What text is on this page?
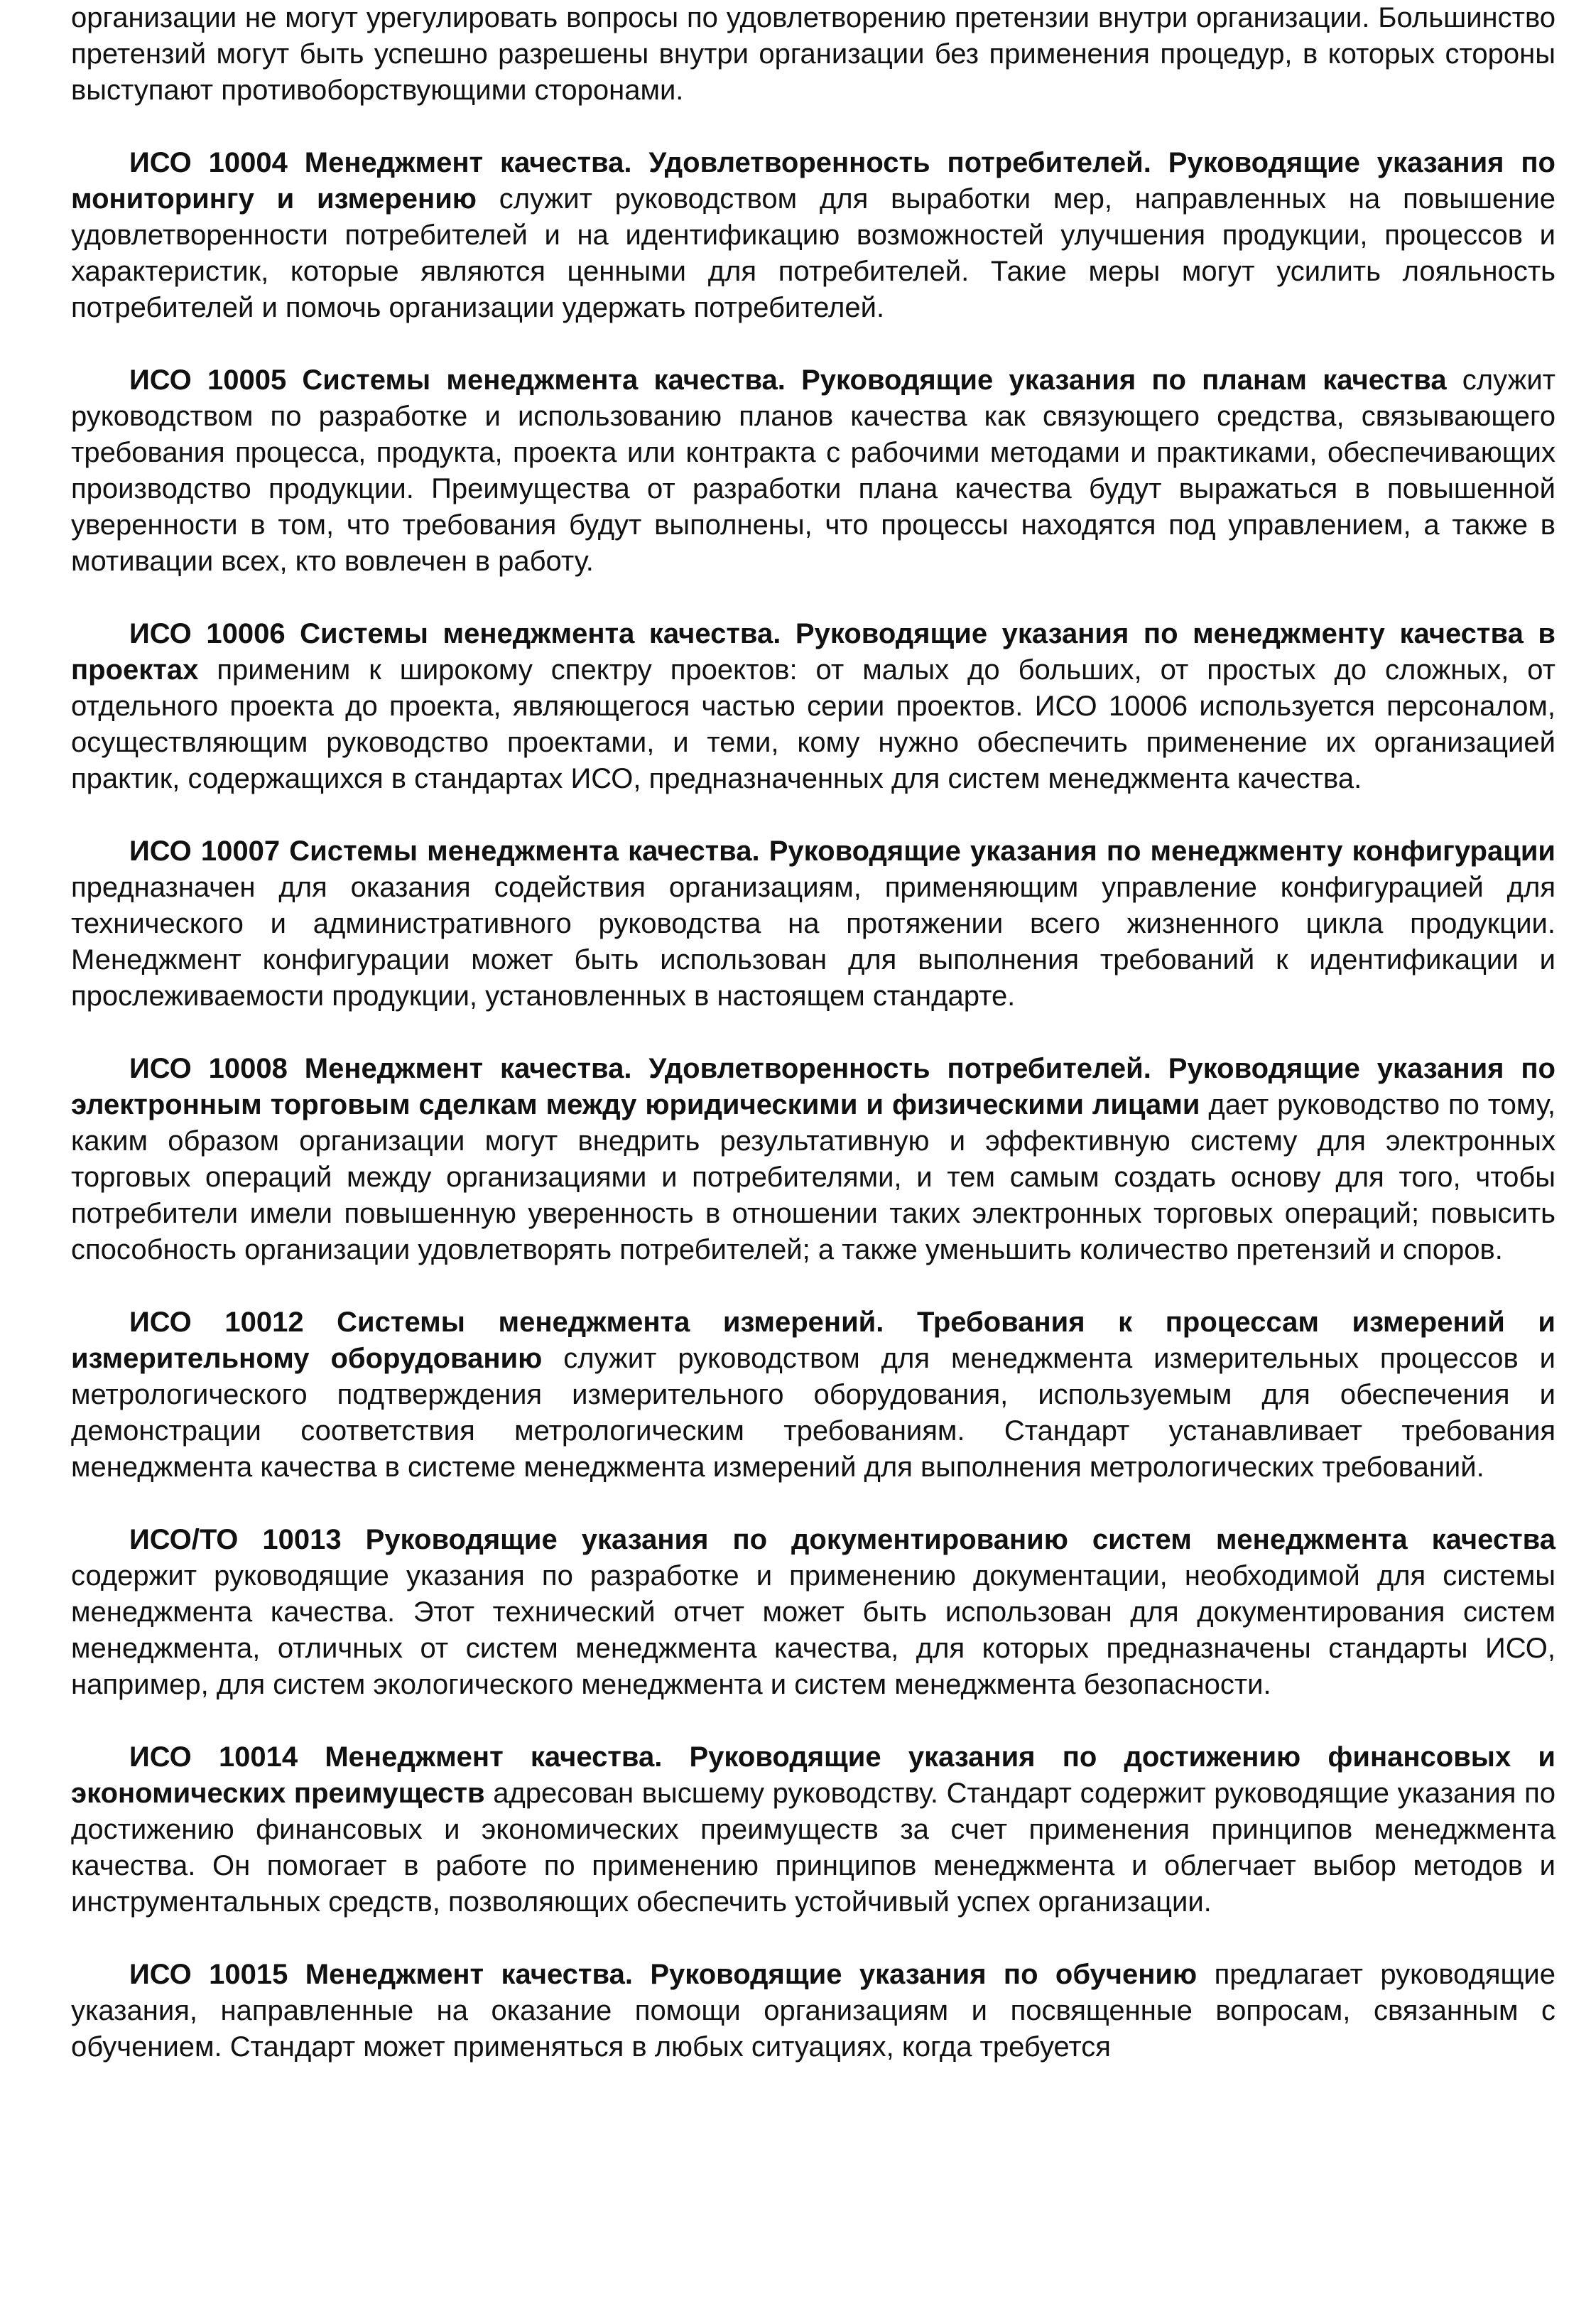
организации не могут урегулировать вопросы по удовлетворению претензии внутри организации. Большинство претензий могут быть успешно разрешены внутри организации без применения процедур, в которых стороны выступают противоборствующими сторонами.

ИСО 10004 Менеджмент качества. Удовлетворенность потребителей. Руководящие указания по мониторингу и измерению служит руководством для выработки мер, направленных на повышение удовлетворенности потребителей и на идентификацию возможностей улучшения продукции, процессов и характеристик, которые являются ценными для потребителей. Такие меры могут усилить лояльность потребителей и помочь организации удержать потребителей.

ИСО 10005 Системы менеджмента качества. Руководящие указания по планам качества служит руководством по разработке и использованию планов качества как связующего средства, связывающего требования процесса, продукта, проекта или контракта с рабочими методами и практиками, обеспечивающих производство продукции. Преимущества от разработки плана качества будут выражаться в повышенной уверенности в том, что требования будут выполнены, что процессы находятся под управлением, а также в мотивации всех, кто вовлечен в работу.

ИСО 10006 Системы менеджмента качества. Руководящие указания по менеджменту качества в проектах применим к широкому спектру проектов: от малых до больших, от простых до сложных, от отдельного проекта до проекта, являющегося частью серии проектов. ИСО 10006 используется персоналом, осуществляющим руководство проектами, и теми, кому нужно обеспечить применение их организацией практик, содержащихся в стандартах ИСО, предназначенных для систем менеджмента качества.

ИСО 10007 Системы менеджмента качества. Руководящие указания по менеджменту конфигурации предназначен для оказания содействия организациям, применяющим управление конфигурацией для технического и административного руководства на протяжении всего жизненного цикла продукции. Менеджмент конфигурации может быть использован для выполнения требований к идентификации и прослеживаемости продукции, установленных в настоящем стандарте.

ИСО 10008 Менеджмент качества. Удовлетворенность потребителей. Руководящие указания по электронным торговым сделкам между юридическими и физическими лицами дает руководство по тому, каким образом организации могут внедрить результативную и эффективную систему для электронных торговых операций между организациями и потребителями, и тем самым создать основу для того, чтобы потребители имели повышенную уверенность в отношении таких электронных торговых операций; повысить способность организации удовлетворять потребителей; а также уменьшить количество претензий и споров.

ИСО 10012 Системы менеджмента измерений. Требования к процессам измерений и измерительному оборудованию служит руководством для менеджмента измерительных процессов и метрологического подтверждения измерительного оборудования, используемым для обеспечения и демонстрации соответствия метрологическим требованиям. Стандарт устанавливает требования менеджмента качества в системе менеджмента измерений для выполнения метрологических требований.

ИСО/ТО 10013 Руководящие указания по документированию систем менеджмента качества содержит руководящие указания по разработке и применению документации, необходимой для системы менеджмента качества. Этот технический отчет может быть использован для документирования систем менеджмента, отличных от систем менеджмента качества, для которых предназначены стандарты ИСО, например, для систем экологического менеджмента и систем менеджмента безопасности.

ИСО 10014 Менеджмент качества. Руководящие указания по достижению финансовых и экономических преимуществ адресован высшему руководству. Стандарт содержит руководящие указания по достижению финансовых и экономических преимуществ за счет применения принципов менеджмента качества. Он помогает в работе по применению принципов менеджмента и облегчает выбор методов и инструментальных средств, позволяющих обеспечить устойчивый успех организации.

ИСО 10015 Менеджмент качества. Руководящие указания по обучению предлагает руководящие указания, направленные на оказание помощи организациям и посвященные вопросам, связанным с обучением. Стандарт может применяться в любых ситуациях, когда требуется
